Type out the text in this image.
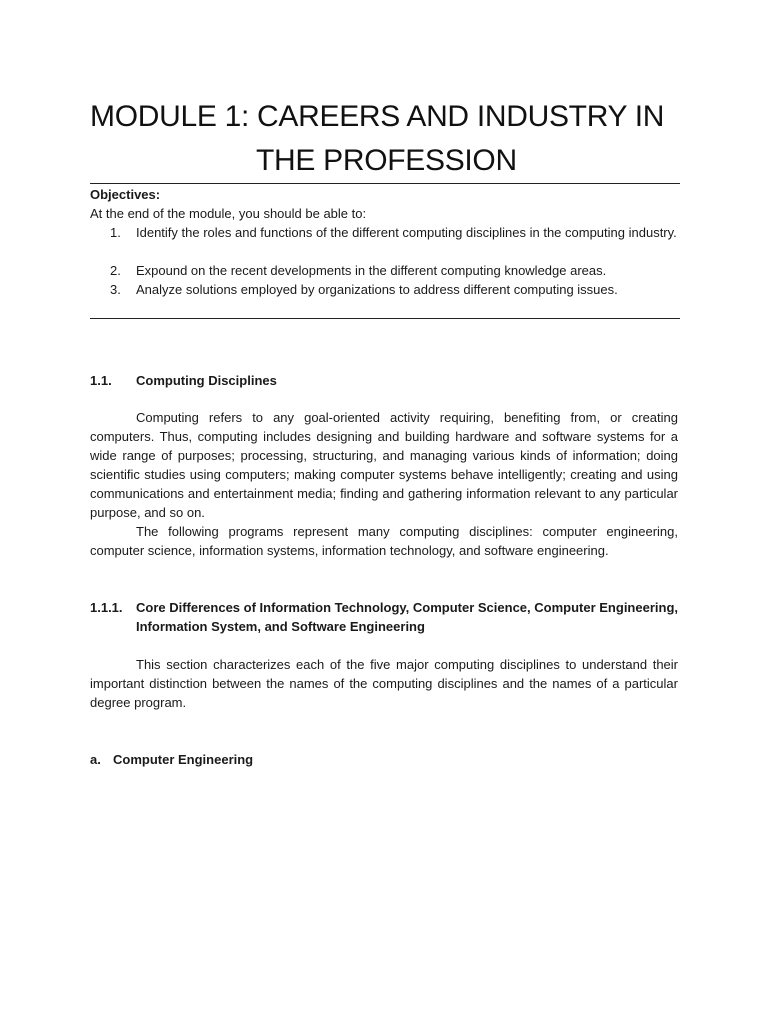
MODULE 1: CAREERS AND INDUSTRY IN
THE PROFESSION
Objectives:
At the end of the module, you should be able to:
1. Identify the roles and functions of the different computing disciplines in the computing industry.
2. Expound on the recent developments in the different computing knowledge areas.
3. Analyze solutions employed by organizations to address different computing issues.
1.1. Computing Disciplines

Computing refers to any goal-oriented activity requiring, benefiting from, or creating computers. Thus, computing includes designing and building hardware and software systems for a wide range of purposes; processing, structuring, and managing various kinds of information; doing scientific studies using computers; making computer systems behave intelligently; creating and using communications and entertainment media; finding and gathering information relevant to any particular purpose, and so on.

The following programs represent many computing disciplines: computer engineering, computer science, information systems, information technology, and software engineering.

1.1.1. Core Differences of Information Technology, Computer Science, Computer Engineering, Information System, and Software Engineering

This section characterizes each of the five major computing disciplines to understand their important distinction between the names of the computing disciplines and the names of a particular degree program.

a. Computer Engineering
